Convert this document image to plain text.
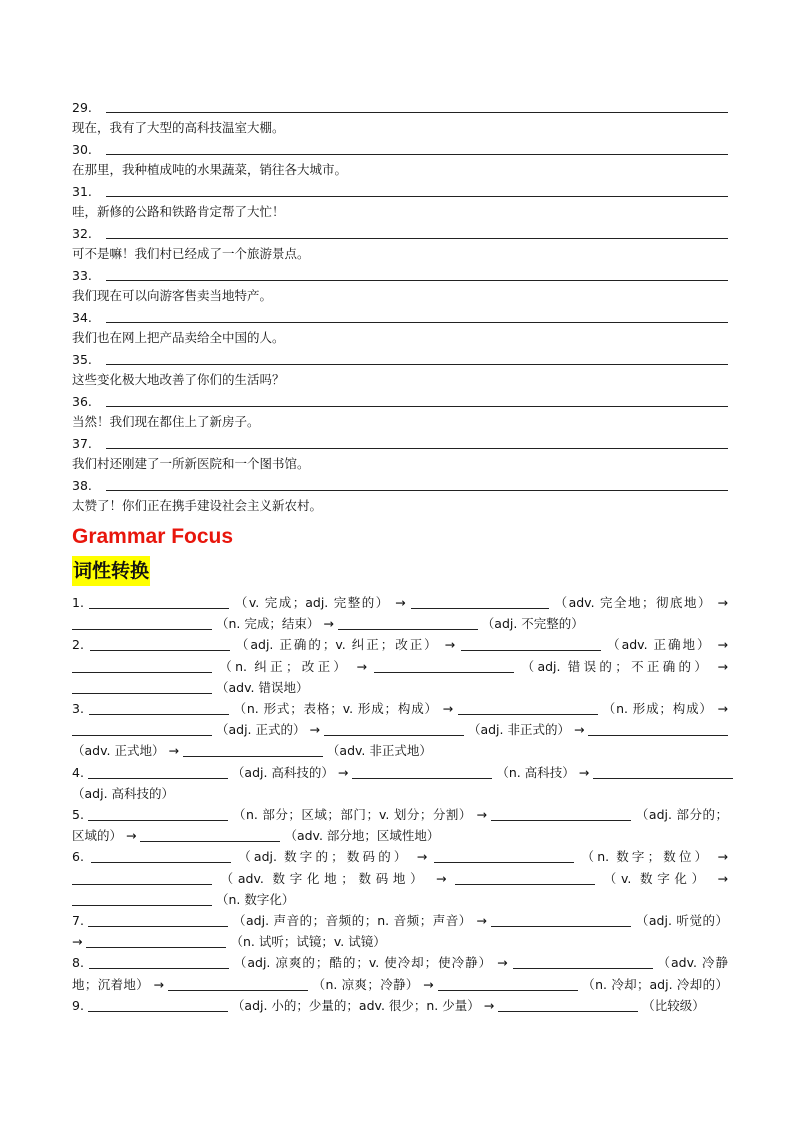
29.
现在，我有了大型的高科技温室大棚。
30.
在那里，我种植成吨的水果蔬菜，销往各大城市。
31.
哇，新修的公路和铁路肯定帮了大忙！
32.
可不是嘛！我们村已经成了一个旅游景点。
33.
我们现在可以向游客售卖当地特产。
34.
我们也在网上把产品卖给全中国的人。
35.
这些变化极大地改善了你们的生活吗？
36.
当然！我们现在都住上了新房子。
37.
我们村还刚建了一所新医院和一个图书馆。
38.
太赞了！你们正在携手建设社会主义新农村。
Grammar Focus
词性转换
1.	（v. 完成；adj. 完整的） →	（adv. 完全地；彻底地） →
（n. 完成；结束） →	（adj. 不完整的）
2.	（adj. 正确的；v. 纠正；改正） →	（adv. 正确地） →
（n. 纠正；改正） →	（adj. 错误的；不正确的） →
（adv. 错误地）
3.	（n. 形式；表格；v. 形成；构成） →	（n. 形成；构成） →
（adj. 正式的） →	（adj. 非正式的） →
（adv. 正式地） →	（adv. 非正式地）
4.	（adj. 高科技的） →	（n. 高科技） →
（adj. 高科技的）
5.	（n. 部分；区域；部门；v. 划分；分割） →	（adj. 部分的；
区域的） →	（adv. 部分地；区域性地）
6.	（adj. 数字的；数码的） →	（n. 数字；数位） →
（adv. 数字化地；数码地） →	（v. 数字化） →
（n. 数字化）
7.	（adj. 声音的；音频的；n. 音频；声音） →	（adj. 听觉的）
→	（n. 试听；试镜；v. 试镜）
8.	（adj. 凉爽的；酷的；v. 使冷却；使冷静） →	（adv. 冷静
地；沉着地） →	（n. 凉爽；冷静） →	（n. 冷却；adj. 冷却的）
9.	（adj. 小的；少量的；adv. 很少；n. 少量） →	（比较级）
